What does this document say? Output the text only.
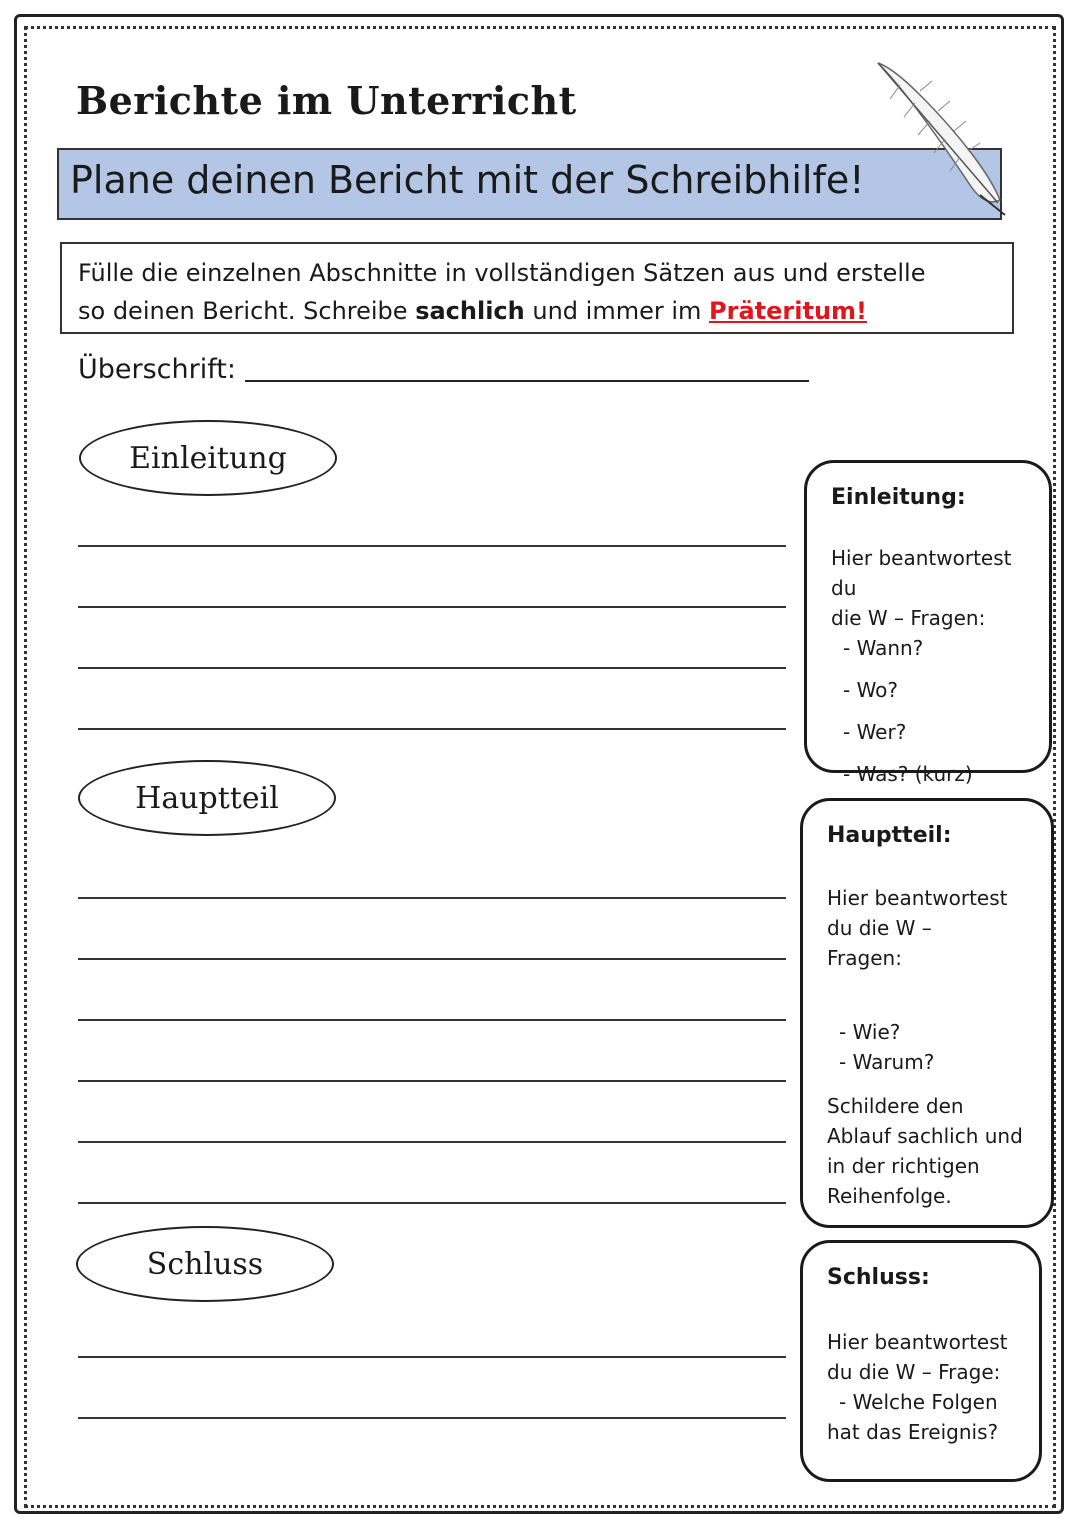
Berichte im Unterricht
Plane deinen Bericht mit der Schreibhilfe!
Fülle die einzelnen Abschnitte in vollständigen Sätzen aus und erstelle
so deinen Bericht. Schreibe sachlich und immer im Präteritum!
Überschrift:
Einleitung
Hauptteil
Schluss
Einleitung:
Hier beantwortest du
die W – Fragen:
- Wann?
- Wo?
- Wer?
- Was? (kurz)
Hauptteil:
Hier beantwortest
du die W –
Fragen:
- Wie?
- Warum?
Schildere den
Ablauf sachlich und
in der richtigen
Reihenfolge.
Schluss:
Hier beantwortest
du die W – Frage:
- Welche Folgen
hat das Ereignis?
